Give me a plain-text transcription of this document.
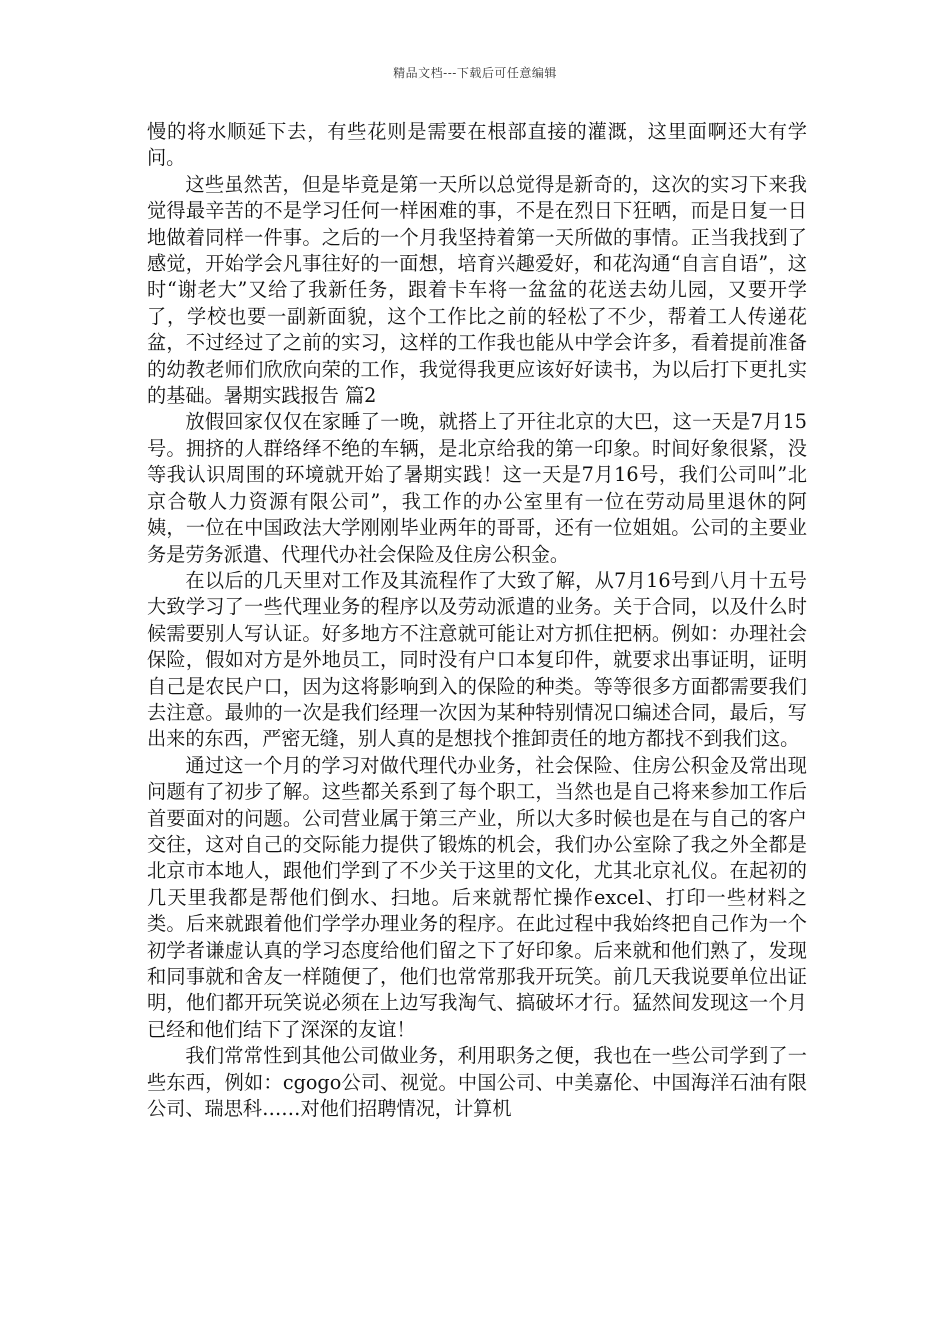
精品文档---下载后可任意编辑

慢的将水顺延下去，有些花则是需要在根部直接的灌溉，这里面啊还大有学问。

这些虽然苦，但是毕竟是第一天所以总觉得是新奇的，这次的实习下来我觉得最辛苦的不是学习任何一样困难的事，不是在烈日下狂晒，而是日复一日地做着同样一件事。之后的一个月我坚持着第一天所做的事情。正当我找到了感觉，开始学会凡事往好的一面想，培育兴趣爱好，和花沟通“自言自语”，这时“谢老大”又给了我新任务，跟着卡车将一盆盆的花送去幼儿园，又要开学了，学校也要一副新面貌，这个工作比之前的轻松了不少，帮着工人传递花盆，不过经过了之前的实习，这样的工作我也能从中学会许多，看着提前准备的幼教老师们欣欣向荣的工作，我觉得我更应该好好读书，为以后打下更扎实的基础。暑期实践报告 篇2

放假回家仅仅在家睡了一晚，就搭上了开往北京的大巴，这一天是7月15号。拥挤的人群络绎不绝的车辆，是北京给我的第一印象。时间好象很紧，没等我认识周围的环境就开始了暑期实践！这一天是7月16号，我们公司叫”北京合敬人力资源有限公司”，我工作的办公室里有一位在劳动局里退休的阿姨，一位在中国政法大学刚刚毕业两年的哥哥，还有一位姐姐。公司的主要业务是劳务派遣、代理代办社会保险及住房公积金。

在以后的几天里对工作及其流程作了大致了解，从7月16号到八月十五号大致学习了一些代理业务的程序以及劳动派遣的业务。关于合同，以及什么时候需要别人写认证。好多地方不注意就可能让对方抓住把柄。例如：办理社会保险，假如对方是外地员工，同时没有户口本复印件，就要求出事证明，证明自己是农民户口，因为这将影响到入的保险的种类。等等很多方面都需要我们去注意。最帅的一次是我们经理一次因为某种特别情况口编述合同，最后，写出来的东西，严密无缝，别人真的是想找个推卸责任的地方都找不到我们这。

通过这一个月的学习对做代理代办业务，社会保险、住房公积金及常出现问题有了初步了解。这些都关系到了每个职工，当然也是自己将来参加工作后首要面对的问题。公司营业属于第三产业，所以大多时候也是在与自己的客户交往，这对自己的交际能力提供了锻炼的机会，我们办公室除了我之外全都是北京市本地人，跟他们学到了不少关于这里的文化，尤其北京礼仪。在起初的几天里我都是帮他们倒水、扫地。后来就帮忙操作excel、打印一些材料之类。后来就跟着他们学学办理业务的程序。在此过程中我始终把自己作为一个初学者谦虚认真的学习态度给他们留之下了好印象。后来就和他们熟了，发现和同事就和舍友一样随便了，他们也常常那我开玩笑。前几天我说要单位出证明，他们都开玩笑说必须在上边写我淘气、搞破坏才行。猛然间发现这一个月已经和他们结下了深深的友谊！

我们常常性到其他公司做业务，利用职务之便，我也在一些公司学到了一些东西，例如：cgogo公司、视觉。中国公司、中美嘉伦、中国海洋石油有限公司、瑞思科……对他们招聘情况，计算机
